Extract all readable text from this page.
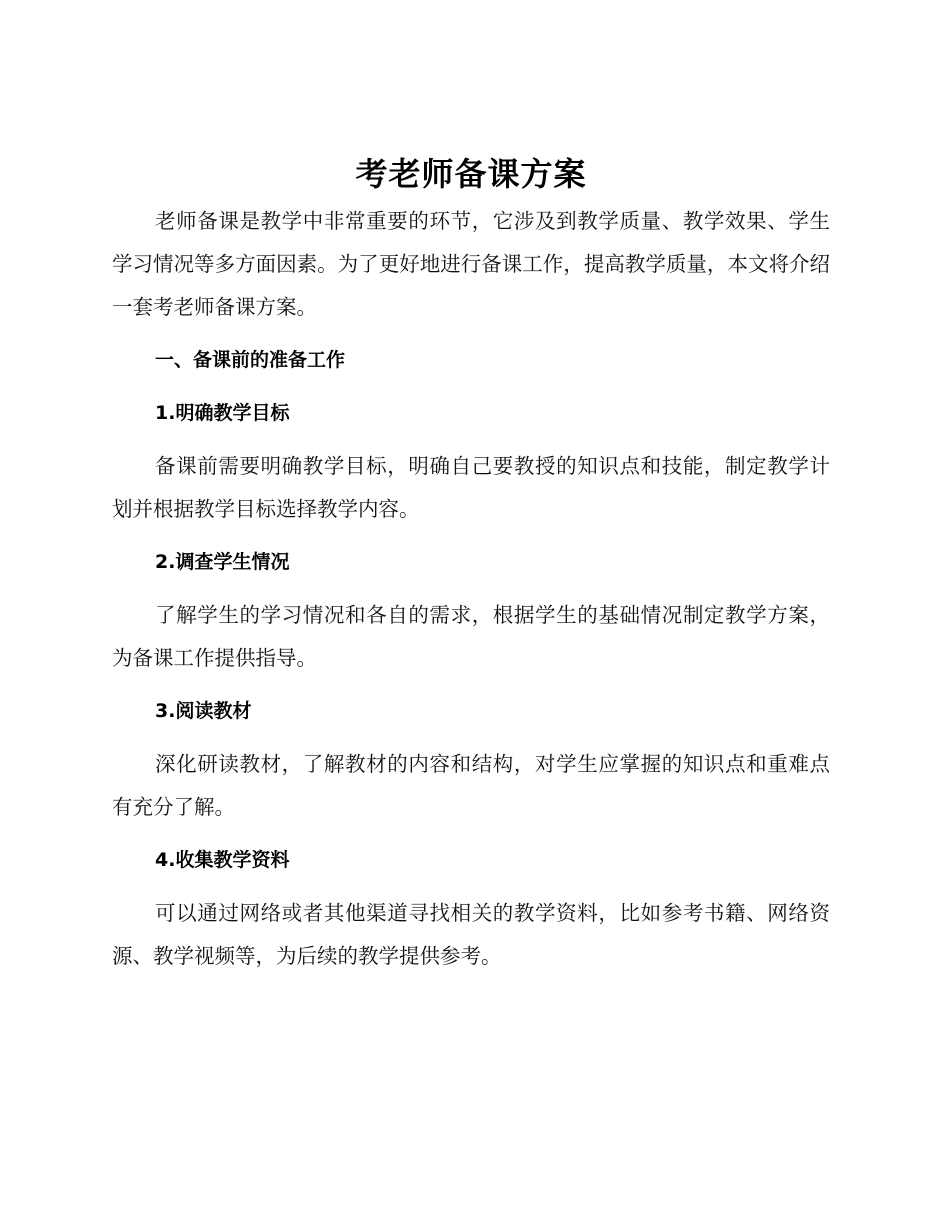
考老师备课方案

老师备课是教学中非常重要的环节，它涉及到教学质量、教学效果、学生学习情况等多方面因素。为了更好地进行备课工作，提高教学质量，本文将介绍一套考老师备课方案。

一、备课前的准备工作
1.明确教学目标

备课前需要明确教学目标，明确自己要教授的知识点和技能，制定教学计划并根据教学目标选择教学内容。

2.调查学生情况

了解学生的学习情况和各自的需求，根据学生的基础情况制定教学方案，为备课工作提供指导。

3.阅读教材

深化研读教材，了解教材的内容和结构，对学生应掌握的知识点和重难点有充分了解。

4.收集教学资料

可以通过网络或者其他渠道寻找相关的教学资料，比如参考书籍、网络资源、教学视频等，为后续的教学提供参考。
